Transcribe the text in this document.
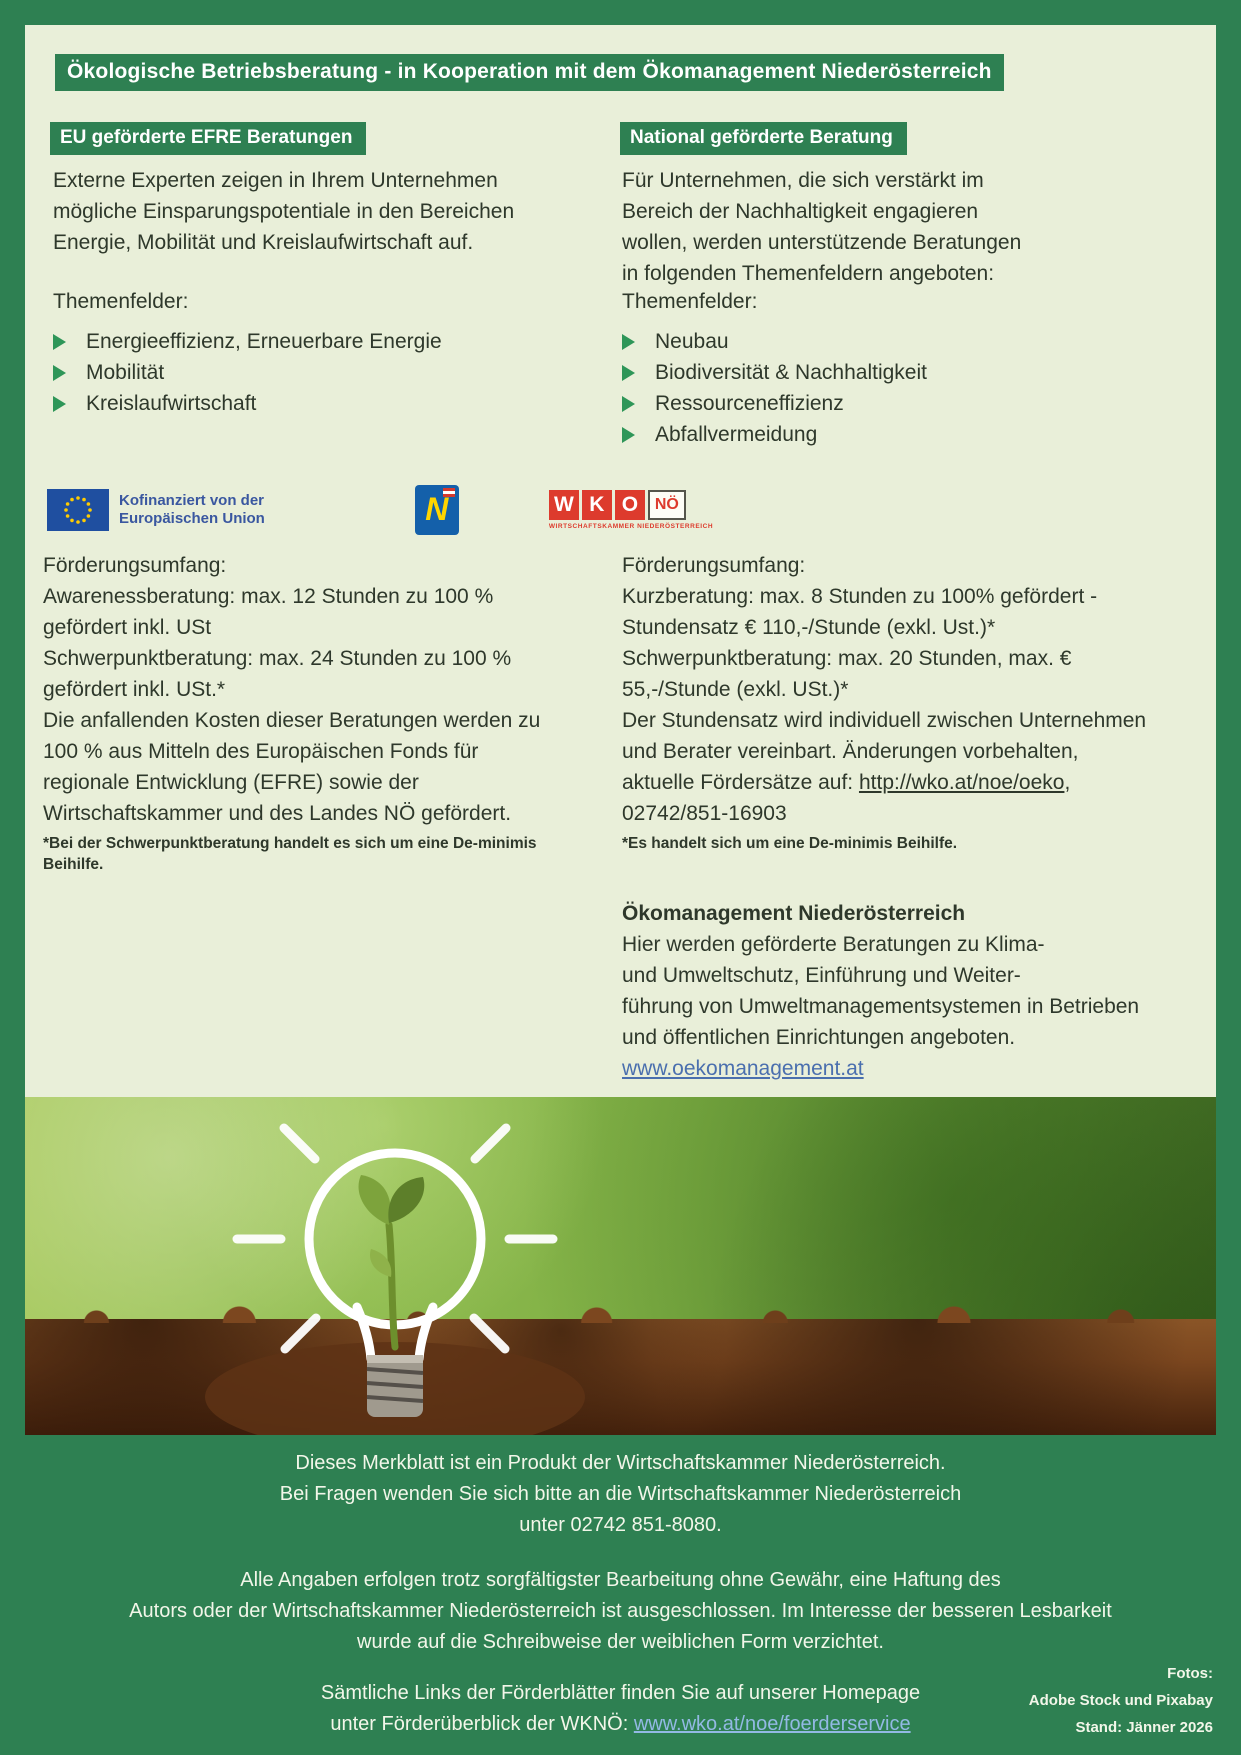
Ökologische Betriebsberatung - in Kooperation mit dem Ökomanagement Niederösterreich
EU geförderte EFRE Beratungen	National geförderte Beratung
Externe Experten zeigen in Ihrem Unternehmen
mögliche Einsparungspotentiale in den Bereichen
Energie, Mobilität und Kreislaufwirtschaft auf.
Themenfelder:
Energieeffizienz, Erneuerbare Energie
Mobilität
Kreislaufwirtschaft
Kofinanziert von der
Europäischen Union	N	W K O	NÖ
WIRTSCHAFTSKAMMER NIEDERÖSTERREICH
Förderungsumfang:
Awarenessberatung: max. 12 Stunden zu 100 %
gefördert inkl. USt
Schwerpunktberatung: max. 24 Stunden zu 100 %
gefördert inkl. USt.*
Die anfallenden Kosten dieser Beratungen werden zu
100 % aus Mitteln des Europäischen Fonds für
regionale Entwicklung (EFRE) sowie der
Wirtschaftskammer und des Landes NÖ gefördert.
*Bei der Schwerpunktberatung handelt es sich um eine De-minimis Beihilfe.
Für Unternehmen, die sich verstärkt im
Bereich der Nachhaltigkeit engagieren
wollen, werden unterstützende Beratungen
in folgenden Themenfeldern angeboten:
Themenfelder:
Neubau
Biodiversität & Nachhaltigkeit
Ressourceneffizienz
Abfallvermeidung
Förderungsumfang:
Kurzberatung: max. 8 Stunden zu 100% gefördert -
Stundensatz € 110,-/Stunde (exkl. Ust.)*
Schwerpunktberatung: max. 20 Stunden, max. €
55,-/Stunde (exkl. USt.)*
Der Stundensatz wird individuell zwischen Unternehmen
und Berater vereinbart. Änderungen vorbehalten,
aktuelle Fördersätze auf: http://wko.at/noe/oeko,
02742/851-16903
*Es handelt sich um eine De-minimis Beihilfe.
Ökomanagement Niederösterreich
Hier werden geförderte Beratungen zu Klima-
und Umweltschutz, Einführung und Weiter-
führung von Umweltmanagementsystemen in Betrieben
und öffentlichen Einrichtungen angeboten.
www.oekomanagement.at
Dieses Merkblatt ist ein Produkt der Wirtschaftskammer Niederösterreich.
Bei Fragen wenden Sie sich bitte an die Wirtschaftskammer Niederösterreich
unter 02742 851-8080.
Alle Angaben erfolgen trotz sorgfältigster Bearbeitung ohne Gewähr, eine Haftung des
Autors oder der Wirtschaftskammer Niederösterreich ist ausgeschlossen. Im Interesse der besseren Lesbarkeit
wurde auf die Schreibweise der weiblichen Form verzichtet.
Sämtliche Links der Förderblätter finden Sie auf unserer Homepage
unter Förderüberblick der WKNÖ: www.wko.at/noe/foerderservice
Fotos:
Adobe Stock und Pixabay
Stand: Jänner 2026
